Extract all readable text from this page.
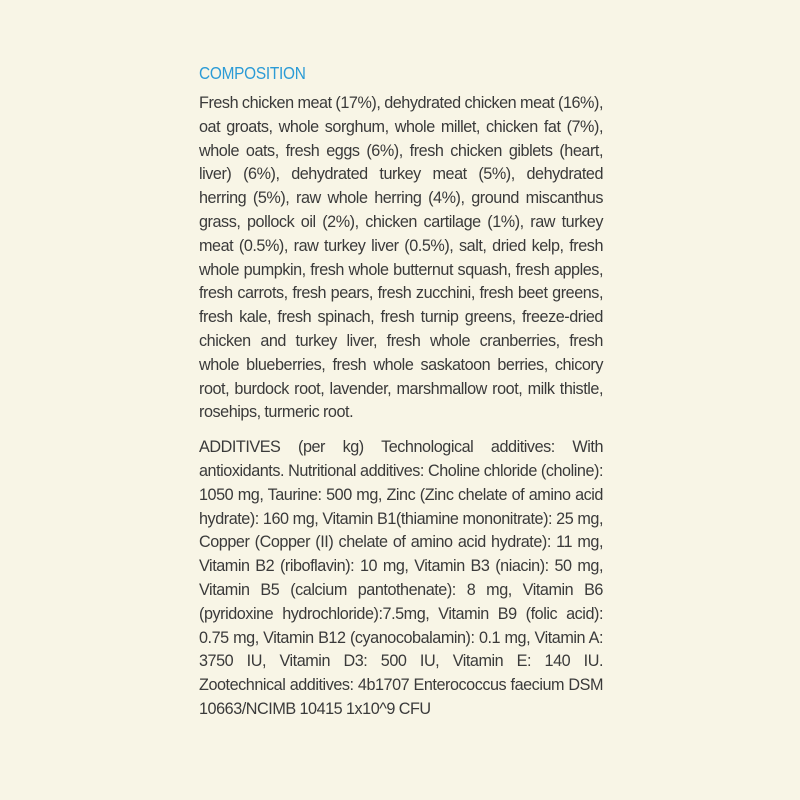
COMPOSITION

Fresh chicken meat (17%), dehydrated chicken meat (16%), oat groats, whole sorghum, whole millet, chicken fat (7%), whole oats, fresh eggs (6%), fresh chicken giblets (heart, liver) (6%), dehydrated turkey meat (5%), dehydrated herring (5%), raw whole herring (4%), ground miscanthus grass, pollock oil (2%), chicken cartilage (1%), raw turkey meat (0.5%), raw turkey liver (0.5%), salt, dried kelp, fresh whole pumpkin, fresh whole butternut squash, fresh apples, fresh carrots, fresh pears, fresh zucchini, fresh beet greens, fresh kale, fresh spinach, fresh turnip greens, freeze-dried chicken and turkey liver, fresh whole cranberries, fresh whole blueberries, fresh whole saskatoon berries, chicory root, burdock root, lavender, marshmallow root, milk thistle, rosehips, turmeric root.

ADDITIVES (per kg) Technological additives: With antioxidants. Nutritional additives: Choline chloride (choline): 1050 mg, Taurine: 500 mg, Zinc (Zinc chelate of amino acid hydrate): 160 mg, Vitamin B1(thiamine mononitrate): 25 mg, Copper (Copper (II) chelate of amino acid hydrate): 11 mg, Vitamin B2 (riboflavin): 10 mg, Vitamin B3 (niacin): 50 mg, Vitamin B5 (calcium pantothenate): 8 mg, Vitamin B6 (pyridoxine hydrochloride):7.5mg, Vitamin B9 (folic acid): 0.75 mg, Vitamin B12 (cyanocobalamin): 0.1 mg, Vitamin A: 3750 IU, Vitamin D3: 500 IU, Vitamin E: 140 IU. Zootechnical additives: 4b1707 Enterococcus faecium DSM 10663/NCIMB 10415 1x10^9 CFU
